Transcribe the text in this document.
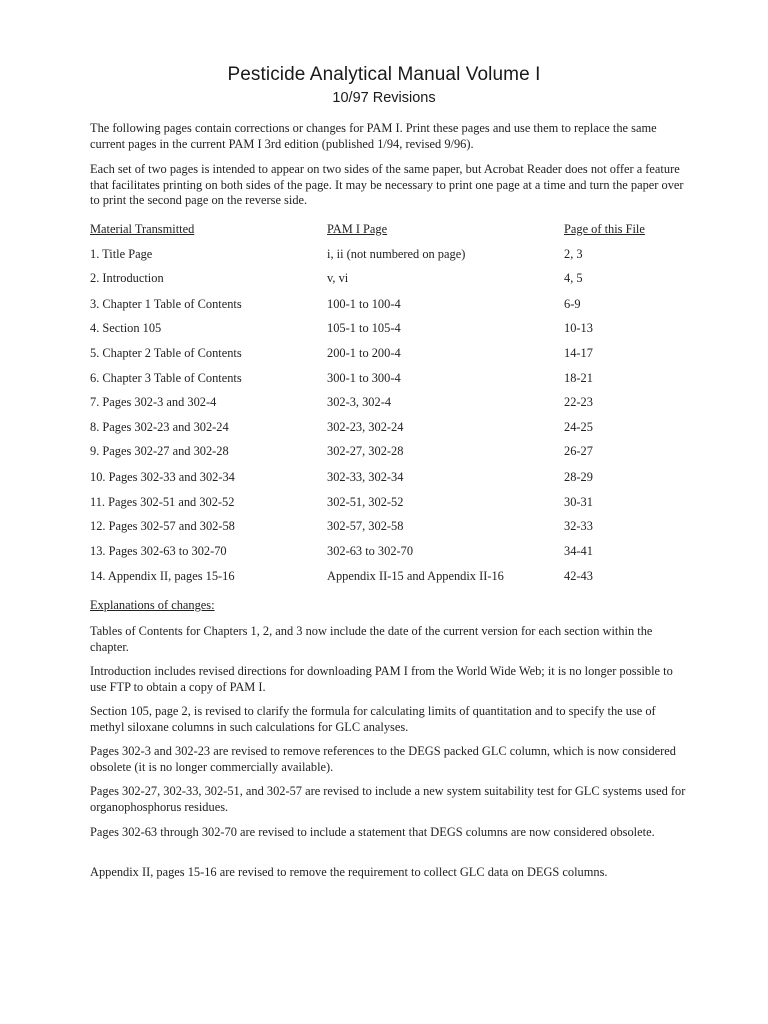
Pesticide Analytical Manual Volume I
10/97 Revisions
The following pages contain corrections or changes for PAM I. Print these pages and use them to replace the same current pages in the current PAM I 3rd edition (published 1/94, revised 9/96).
Each set of two pages is intended to appear on two sides of the same paper, but Acrobat Reader does not offer a feature that facilitates printing on both sides of the page. It may be necessary to print one page at a time and turn the paper over to print the second page on the reverse side.
Material Transmitted	PAM I Page	Page of this File
1. Title Page	i, ii (not numbered on page)	2, 3
2. Introduction	v, vi	4, 5
3. Chapter 1 Table of Contents	100-1 to 100-4	6-9
4. Section 105	105-1 to 105-4	10-13
5. Chapter 2 Table of Contents	200-1 to 200-4	14-17
6. Chapter 3 Table of Contents	300-1 to 300-4	18-21
7. Pages 302-3 and 302-4	302-3, 302-4	22-23
8. Pages 302-23 and 302-24	302-23, 302-24	24-25
9. Pages 302-27 and 302-28	302-27, 302-28	26-27
10. Pages 302-33 and 302-34	302-33, 302-34	28-29
11. Pages 302-51 and 302-52	302-51, 302-52	30-31
12. Pages 302-57 and 302-58	302-57, 302-58	32-33
13. Pages 302-63 to 302-70	302-63 to 302-70	34-41
14. Appendix II, pages 15-16	Appendix II-15 and Appendix II-16	42-43
Explanations of changes:
Tables of Contents for Chapters 1, 2, and 3 now include the date of the current version for each section within the chapter.
Introduction includes revised directions for downloading PAM I from the World Wide Web; it is no longer possible to use FTP to obtain a copy of PAM I.
Section 105, page 2, is revised to clarify the formula for calculating limits of quantitation and to specify the use of methyl siloxane columns in such calculations for GLC analyses.
Pages 302-3 and 302-23 are revised to remove references to the DEGS packed GLC column, which is now considered obsolete (it is no longer commercially available).
Pages 302-27, 302-33, 302-51, and 302-57 are revised to include a new system suitability test for GLC systems used for organophosphorus residues.
Pages 302-63 through 302-70 are revised to include a statement that DEGS columns are now considered obsolete.
Appendix II, pages 15-16 are revised to remove the requirement to collect GLC data on DEGS columns.
